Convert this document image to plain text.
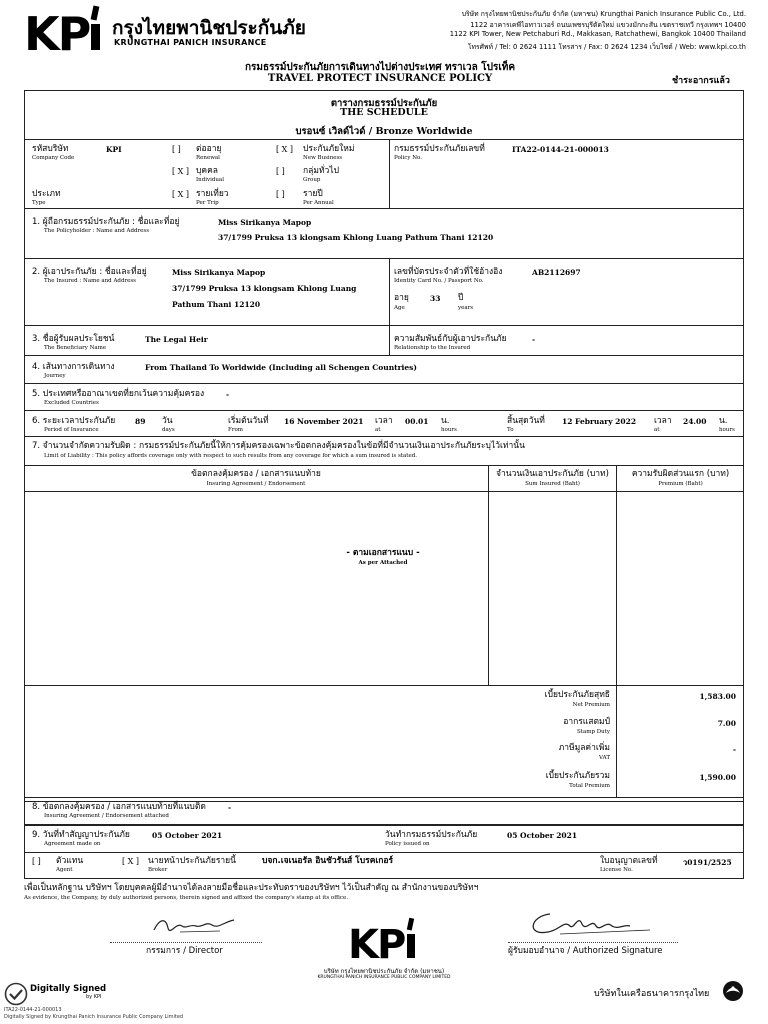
KP กรุงไทยพานิชประกันภัย
KRUNGTHAI PANICH INSURANCE
บริษัท กรุงไทยพานิชประกันภัย จำกัด (มหาชน) Krungthai Panich Insurance Public Co., Ltd.
1122 อาคารเคพีไอทาวเวอร์ ถนนเพชรบุรีตัดใหม่ แขวงมักกะสัน เขตราชเทวี กรุงเทพฯ 10400
1122 KPI Tower, New Petchaburi Rd., Makkasan, Ratchathewi, Bangkok 10400 Thailand
โทรศัพท์ / Tel: 0 2624 1111 โทรสาร / Fax: 0 2624 1234 เว็บไซต์ / Web: www.kpi.co.th
กรมธรรม์ประกันภัยการเดินทางไปต่างประเทศ ทราเวล โปรเท็ค
TRAVEL PROTECT INSURANCE POLICY	ชำระอากรแล้ว
ตารางกรมธรรม์ประกันภัย
THE SCHEDULE
บรอนซ์ เวิลด์ไวด์ / Bronze Worldwide
รหัสบริษัท
Company Code
KPI	[ ] ต่ออายุ
Renewal
[ X ] ประกันภัยใหม่
New Business
กรมธรรม์ประกันภัยเลขที่
Policy No.
ITA22-0144-21-000013
[ X ] บุคคล
Individual
[ ] กลุ่มทั่วไป
Group
ประเภท
Type
[ X ] รายเที่ยว
Per Trip
[ ] รายปี
Per Annual
1. ผู้ถือกรมธรรม์ประกันภัย : ชื่อและที่อยู่
The Policyholder : Name and Address
Miss Sirikanya Mapop
37/1799 Pruksa 13 klongsam Khlong Luang Pathum Thani 12120
2. ผู้เอาประกันภัย : ชื่อและที่อยู่
The Insured : Name and Address
Miss Sirikanya Mapop
37/1799 Pruksa 13 klongsam Khlong Luang
Pathum Thani 12120
เลขที่บัตรประจำตัวที่ใช้อ้างอิง
Identity Card No. / Passport No.
AB2112697
อายุ
Age
33 ปี
years
3. ชื่อผู้รับผลประโยชน์
The Beneficiary Name
The Legal Heir	ความสัมพันธ์กับผู้เอาประกันภัย
Relationship to the Insured
-
4. เส้นทางการเดินทาง
Journey
From Thailand To Worldwide (Including all Schengen Countries)
5. ประเทศหรืออาณาเขตที่ยกเว้นความคุ้มครอง
Excluded Countries
-
6. ระยะเวลาประกันภัย
Period of Insurance
89 วัน
days
เริ่มต้นวันที่
From
16 November 2021 เวลา
at
00.01 น.
hours
สิ้นสุดวันที่
To
12 February 2022 เวลา
at
24.00 น.
hours
7. จำนวนจำกัดความรับผิด : กรมธรรม์ประกันภัยนี้ให้การคุ้มครองเฉพาะข้อตกลงคุ้มครองในข้อที่มีจำนวนเงินเอาประกันภัยระบุไว้เท่านั้น
Limit of Liability : This policy affords coverage only with respect to such results from any coverage for which a sum insured is stated.
ข้อตกลงคุ้มครอง / เอกสารแนบท้าย
Insuring Agreement / Endorsement
จำนวนเงินเอาประกันภัย (บาท)
Sum Insured (Baht)
ความรับผิดส่วนแรก (บาท)
Premium (Baht)
- ตามเอกสารแนบ -
As per Attached
เบี้ยประกันภัยสุทธิ
Net Premium
1,583.00
อากรแสตมป์
Stamp Duty
7.00
ภาษีมูลค่าเพิ่ม
VAT
-
เบี้ยประกันภัยรวม
Total Premium
1,590.00
8. ข้อตกลงคุ้มครอง / เอกสารแนบท้ายที่แนบติด
Insuring Agreement / Endorsement attached
-
9. วันที่ทำสัญญาประกันภัย
Agreement made on
05 October 2021	วันทำกรมธรรม์ประกันภัย
Policy issued on
05 October 2021
[ ] ตัวแทน
Agent
[ X ] นายหน้าประกันภัยรายนี้
Broker
บจก.เจเนอรัล อินชัวรันส์ โบรคเกอร์	ใบอนุญาตเลขที่
License No.
ว0191/2525
เพื่อเป็นหลักฐาน บริษัทฯ โดยบุคคลผู้มีอำนาจได้ลงลายมือชื่อและประทับตราของบริษัทฯ ไว้เป็นสำคัญ ณ สำนักงานของบริษัทฯ
As evidence, the Company, by duly authorized persons, therein signed and affixed the company's stamp at its office.
กรรมการ / Director	ผู้รับมอบอำนาจ / Authorized Signature
KP
บริษัท กรุงไทยพานิชประกันภัย จำกัด (มหาชน)
KRUNGTHAI PANICH INSURANCE PUBLIC COMPANY LIMITED
Digitally Signed
by KPI
ITA22-0144-21-000013
Digitally Signed by Krungthai Panich Insurance Public Company Limited
บริษัทในเครือธนาคารกรุงไทย
